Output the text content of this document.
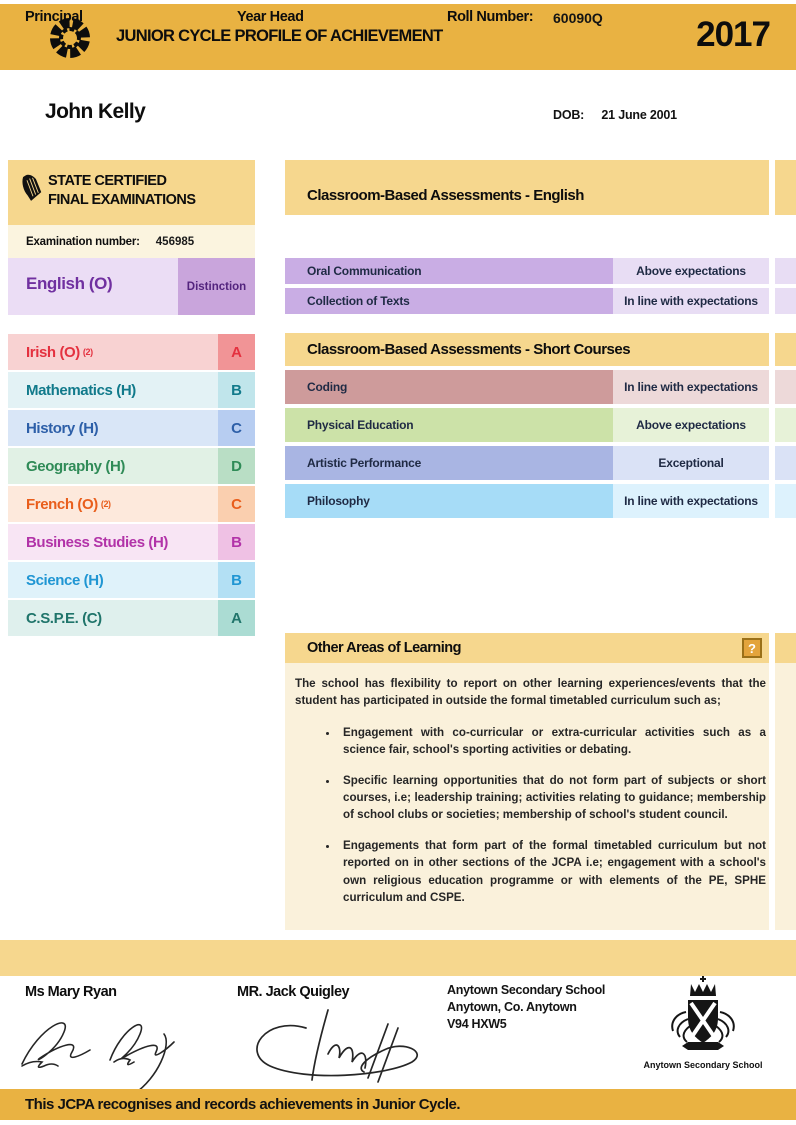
JUNIOR CYCLE PROFILE OF ACHIEVEMENT	2017
John Kelly	DOB: 21 June 2001
STATE CERTIFIED
FINAL EXAMINATIONS
Examination number: 456985
English (O)	Distinction
Irish (O) (2)	A
Mathematics (H)	B
History (H)	C
Geography (H)	D
French (O) (2)	C
Business Studies (H)	B
Science (H)	B
C.S.P.E. (C)	A
Classroom-Based Assessments - English
Oral Communication	Above expectations
Collection of Texts	In line with expectations
Classroom-Based Assessments - Short Courses
Coding	In line with expectations
Physical Education	Above expectations
Artistic Performance	Exceptional
Philosophy	In line with expectations
Other Areas of Learning	?

The school has flexibility to report on other learning experiences/events that the student has participated in outside the formal timetabled curriculum such as;

• Engagement with co-curricular or extra-curricular activities such as a science fair, school's sporting activities or debating.
• Specific learning opportunities that do not form part of subjects or short courses, i.e; leadership training; activities relating to guidance; membership of school clubs or societies; membership of school's student council.
• Engagements that form part of the formal timetabled curriculum but not reported on in other sections of the JCPA i.e; engagement with a school's own religious education programme or with elements of the PE, SPHE curriculum and CSPE.
Principal	Year Head	Roll Number: 60090Q
Ms Mary Ryan	MR. Jack Quigley	Anytown Secondary School
Anytown, Co. Anytown
V94 HXW5
Anytown Secondary School
This JCPA recognises and records achievements in Junior Cycle.
